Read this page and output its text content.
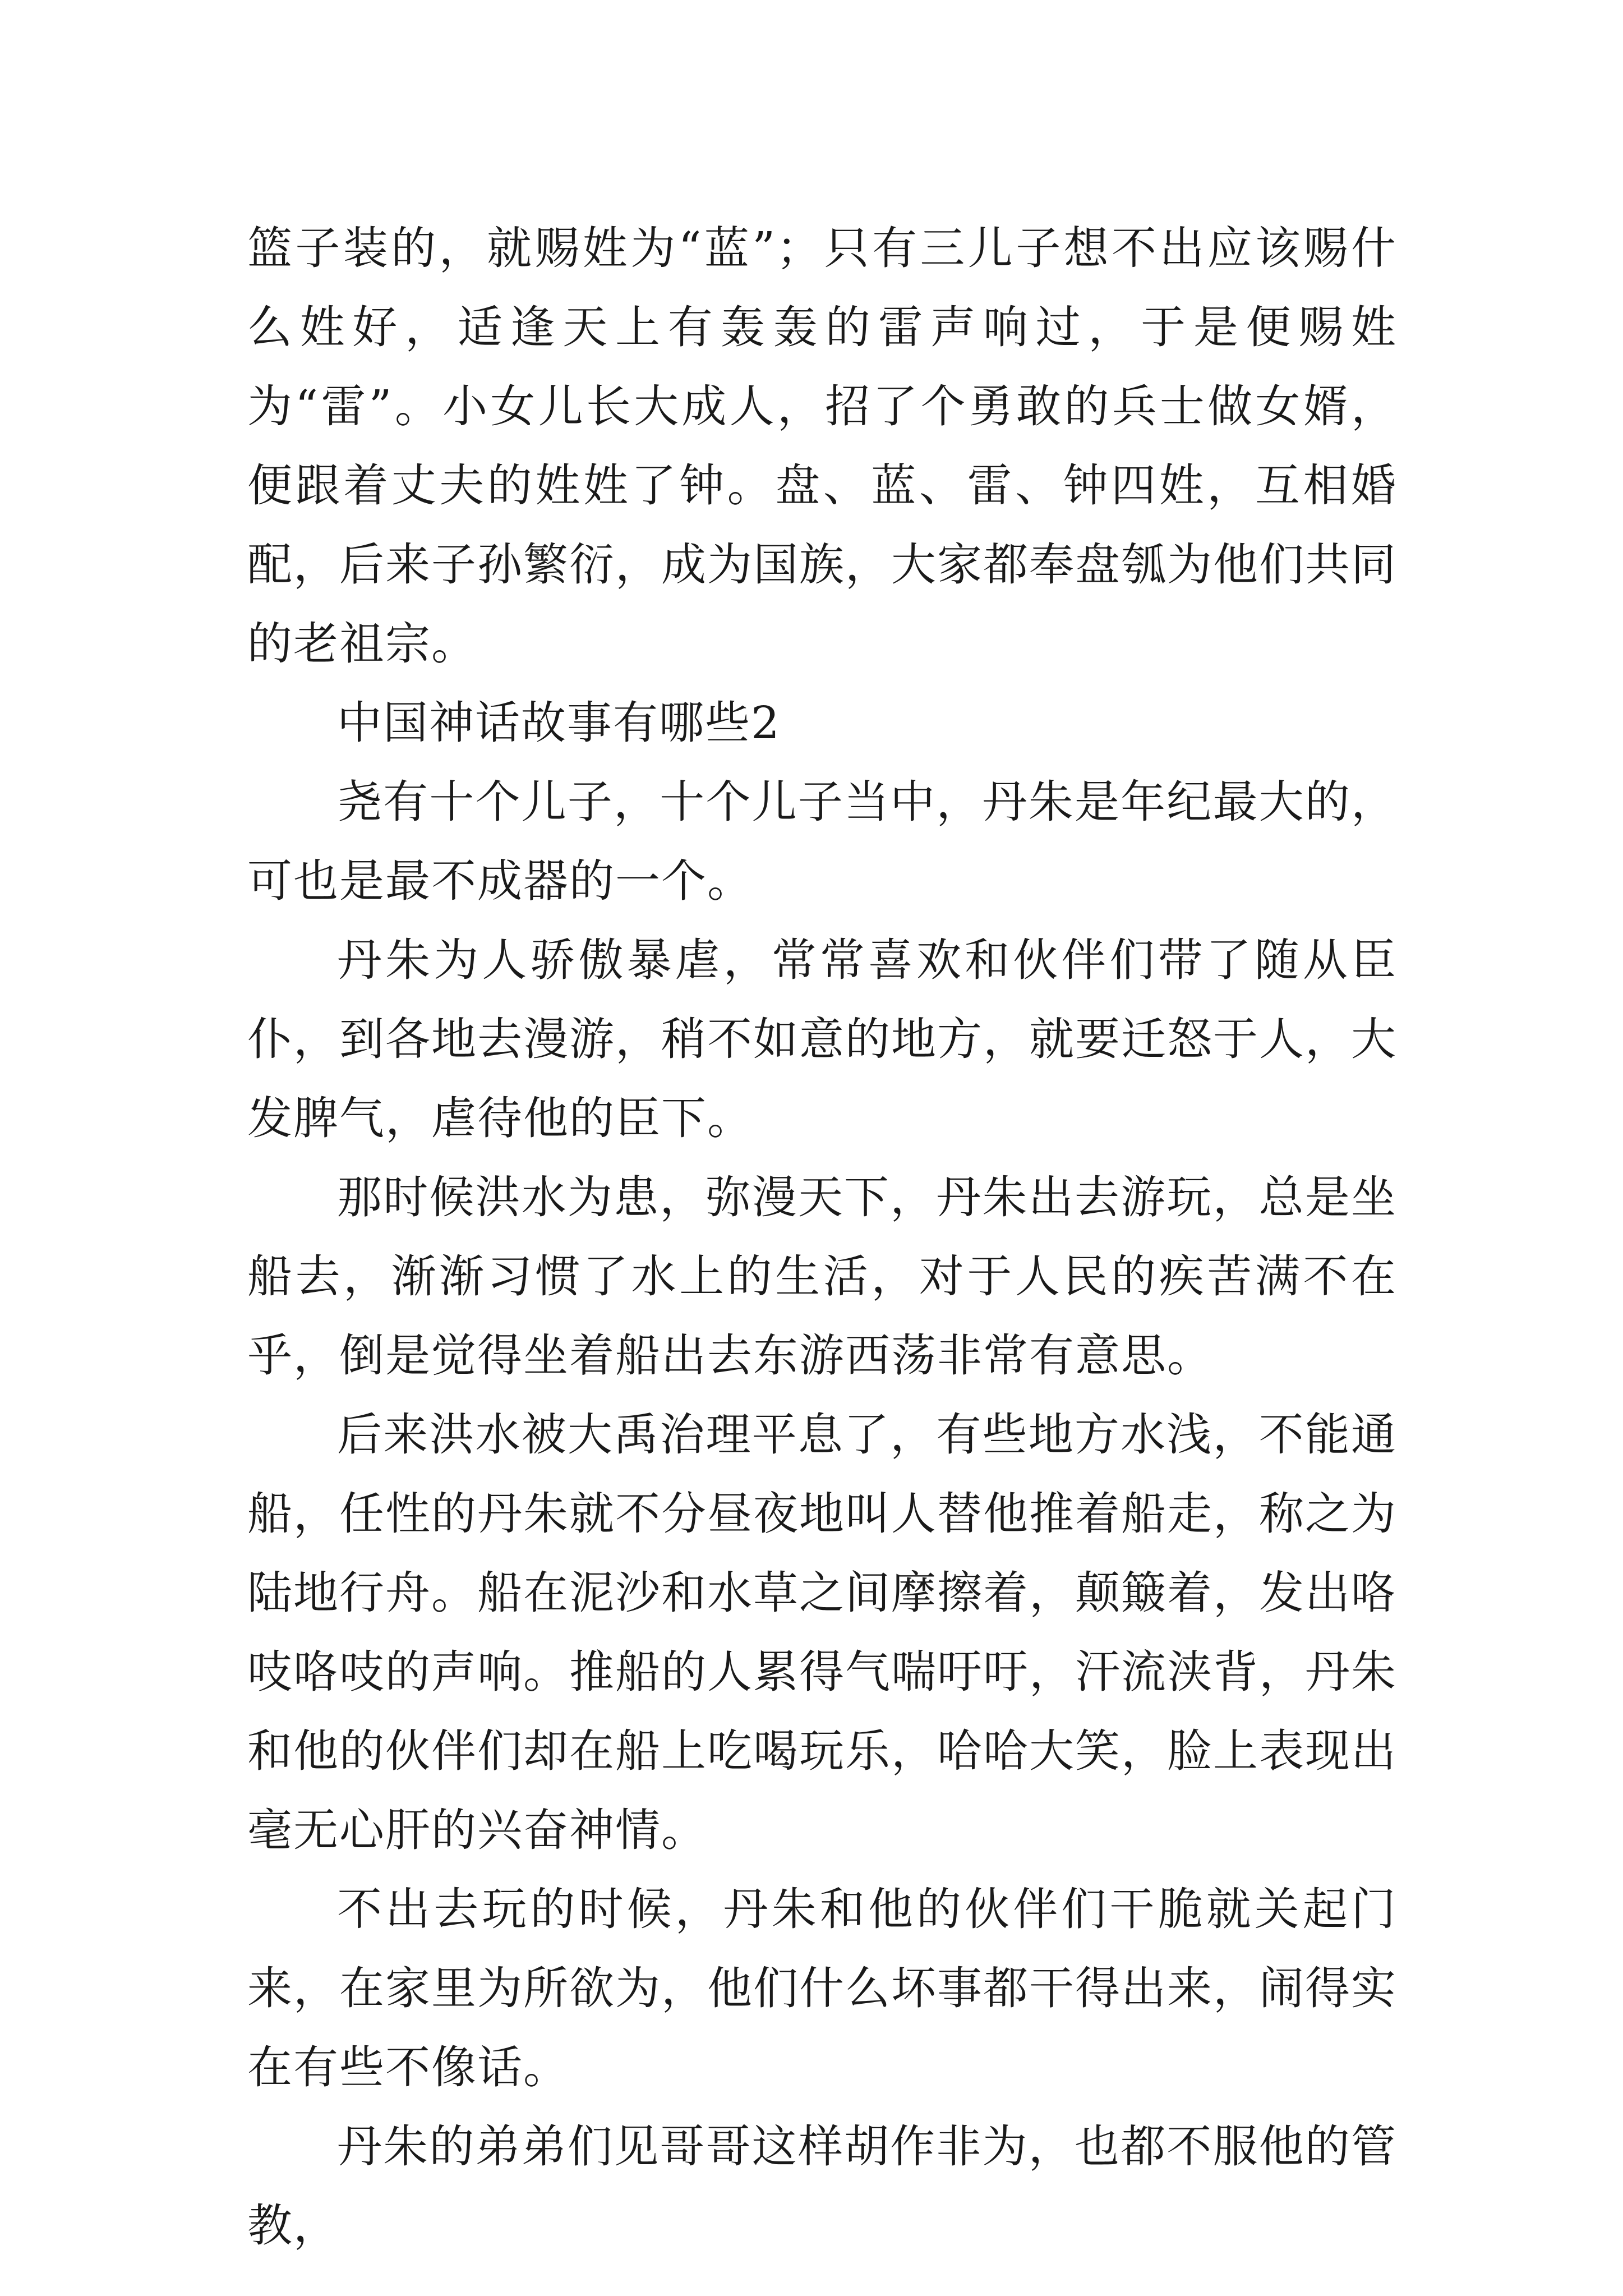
篮子装的，就赐姓为“蓝”；只有三儿子想不出应该赐什么姓好，适逢天上有轰轰的雷声响过，于是便赐姓为“雷”。小女儿长大成人，招了个勇敢的兵士做女婿，便跟着丈夫的姓姓了钟。盘、蓝、雷、钟四姓，互相婚配，后来子孙繁衍，成为国族，大家都奉盘瓠为他们共同的老祖宗。

中国神话故事有哪些2

尧有十个儿子，十个儿子当中，丹朱是年纪最大的，可也是最不成器的一个。

丹朱为人骄傲暴虐，常常喜欢和伙伴们带了随从臣仆，到各地去漫游，稍不如意的地方，就要迁怒于人，大发脾气，虐待他的臣下。

那时候洪水为患，弥漫天下，丹朱出去游玩，总是坐船去，渐渐习惯了水上的生活，对于人民的疾苦满不在乎，倒是觉得坐着船出去东游西荡非常有意思。

后来洪水被大禹治理平息了，有些地方水浅，不能通船，任性的丹朱就不分昼夜地叫人替他推着船走，称之为陆地行舟。船在泥沙和水草之间摩擦着，颠簸着，发出咯吱咯吱的声响。推船的人累得气喘吁吁，汗流浃背，丹朱和他的伙伴们却在船上吃喝玩乐，哈哈大笑，脸上表现出毫无心肝的兴奋神情。

不出去玩的时候，丹朱和他的伙伴们干脆就关起门来，在家里为所欲为，他们什么坏事都干得出来，闹得实在有些不像话。

丹朱的弟弟们见哥哥这样胡作非为，也都不服他的管教，
